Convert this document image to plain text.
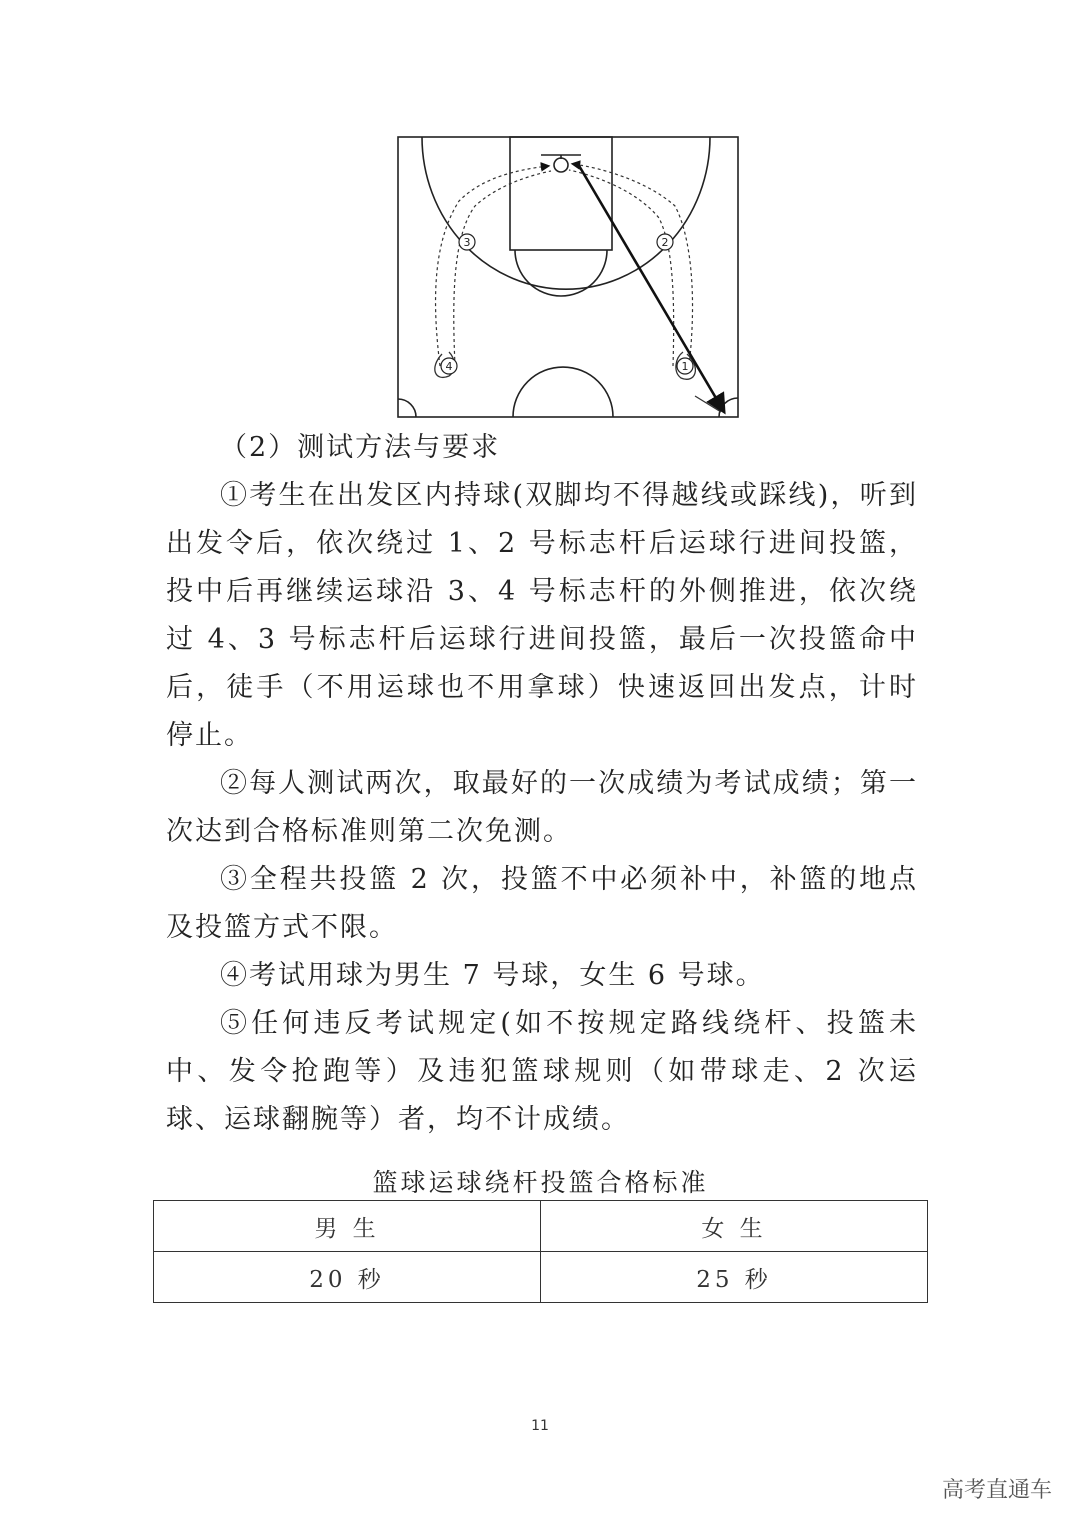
1
2
3
4

（2）测试方法与要求

①考生在出发区内持球(双脚均不得越线或踩线)，听到出发令后，依次绕过 1、2 号标志杆后运球行进间投篮，投中后再继续运球沿 3、4 号标志杆的外侧推进，依次绕过 4、3 号标志杆后运球行进间投篮，最后一次投篮命中后，徒手（不用运球也不用拿球）快速返回出发点，计时停止。

②每人测试两次，取最好的一次成绩为考试成绩；第一次达到合格标准则第二次免测。

③全程共投篮 2 次，投篮不中必须补中，补篮的地点及投篮方式不限。

④考试用球为男生 7 号球，女生 6 号球。

⑤任何违反考试规定(如不按规定路线绕杆、投篮未中、发令抢跑等）及违犯篮球规则（如带球走、2 次运球、运球翻腕等）者，均不计成绩。

篮球运球绕杆投篮合格标准
男 生	女 生
20 秒	25 秒
11
高考直通车
